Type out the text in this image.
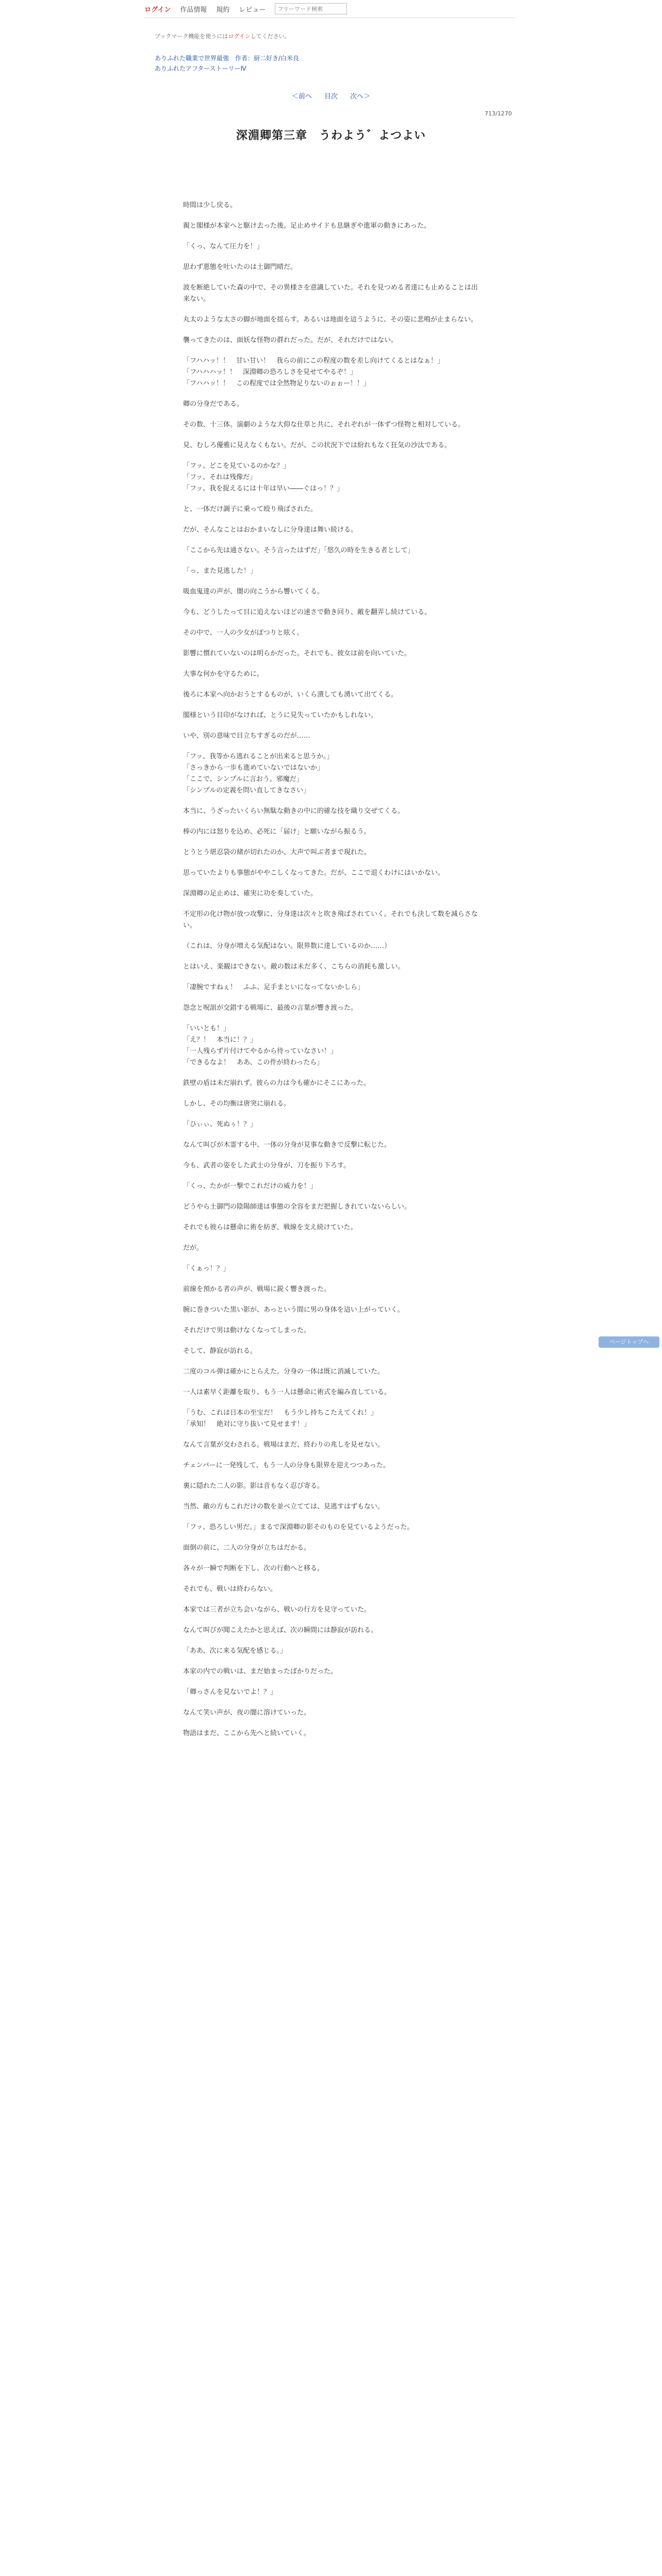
ログイン 作品情報 規約 レビュー
フリーワード検索
ブックマーク機能を使うにはログインしてください。
ありふれた職業で世界最強　作者：厨二好き/白米良
ありふれたアフターストーリーⅣ
＜前へ 目次 次へ＞
713/1270
深淵卿第三章　うわよう゛よつよい

時間は少し戻る。

親と閣様が本家へと駆け去った後。足止めサイドも息継ぎや進軍の動きにあった。

「くっ、なんて圧力を！」

思わず悪態を吐いたのは土御門晴だ。

波を断絶していた森の中で、その異様さを意識していた。それを見つめる者達にも止めることは出来ない。

丸太のような太さの脚が地面を揺らす。あるいは地面を這うように、その姿に悲鳴が止まらない。

襲ってきたのは、面妖な怪物の群れだった。だが、それだけではない。

「フハハッ！！　甘い甘い！　我らの前にこの程度の数を差し向けてくるとはなぁ！」
「フハハハッ！！　深淵卿の恐ろしさを見せてやるぞ！」
「フハハッ！！　この程度では全然物足りないのぉぉー！！」

卿の分身だである。

その数、十三体。演劇のような大仰な仕草と共に、それぞれが一体ずつ怪物と相対している。

見、むしろ優雅に見えなくもない。だが、この状況下では紛れもなく狂気の沙汰である。

「フッ、どこを見ているのかな？」
「フッ、それは残像だ」
「フッ、我を捉えるには十年は早い――ぐはっ！？」

と、一体だけ調子に乗って殴り飛ばされた。

だが、そんなことはおかまいなしに分身達は舞い続ける。

「ここから先は通さない。そう言ったはずだ」「悠久の時を生きる者として」

「っ、また見逃した！」

吸血鬼達の声が、闇の向こうから響いてくる。

今も、どうしたって目に追えないほどの速さで動き回り、敵を翻弄し続けている。

その中で、一人の少女がぽつりと呟く。

影響に慣れていないのは明らかだった。それでも、彼女は前を向いていた。

大事な何かを守るために。

後ろに本家へ向かおうとするものが、いくら潰しても湧いて出てくる。

閣様という目印がなければ、とうに見失っていたかもしれない。

いや、別の意味で目立ちすぎるのだが……

「フッ、我等から逃れることが出来ると思うか。」
「さっきから一歩も進めていないではないか」
「ここで、シンプルに言おう。邪魔だ」
「シンプルの定義を問い直してきなさい」

本当に、うざったいくらい無駄な動きの中に的確な技を織り交ぜてくる。

棒の内には怒りを込め、必死に「届け」と願いながら振るう。

とうとう堪忍袋の緒が切れたのか、大声で叫ぶ者まで現れた。

思っていたよりも事態がややこしくなってきた。だが、ここで退くわけにはいかない。

深淵卿の足止めは、確実に功を奏していた。

不定形の化け物が放つ攻撃に、分身達は次々と吹き飛ばされていく。それでも決して数を減らさない。

（これは、分身が増える気配はない。限界数に達しているのか……）

とはいえ、楽観はできない。敵の数は未だ多く、こちらの消耗も激しい。

「凄腕ですねぇ！　ふふ、足手まといになってないかしら」

怨念と呪詛が交錯する戦場に、最後の言葉が響き渡った。

「いいとも！」
「え？！　本当に！？」
「一人残らず片付けてやるから待っていなさい！」
「できるなよ！　ああ、この件が終わったら」

鉄壁の盾は未だ崩れず。彼らの力は今も確かにそこにあった。

しかし、その均衡は唐突に崩れる。

「ひぃぃ、死ぬぅ！？」

なんて叫びが木霊する中、一体の分身が見事な動きで反撃に転じた。

今も、武者の姿をした武士の分身が、刀を振り下ろす。

「くっ、たかが一撃でこれだけの威力を！」

どうやら土御門の陰陽師達は事態の全容をまだ把握しきれていないらしい。

それでも彼らは懸命に術を紡ぎ、戦線を支え続けていた。

だが。

「くぁっ！？」

前線を預かる者の声が、戦場に鋭く響き渡った。

腕に巻きついた黒い影が、あっという間に男の身体を這い上がっていく。

それだけで男は動けなくなってしまった。

そして、静寂が訪れる。

二度のコル弾は確かにとらえた。分身の一体は既に消滅していた。

一人は素早く距離を取り、もう一人は懸命に術式を編み直している。

「うむ、これは日本の至宝だ！　もう少し持ちこたえてくれ！」
「承知！　絶対に守り抜いて見せます！」

なんて言葉が交わされる。戦場はまだ、終わりの兆しを見せない。

チェンバーに一発残して、もう一人の分身も限界を迎えつつあった。

裏に隠れた二人の影。影は音もなく忍び寄る。

当然、敵の方もこれだけの数を並べ立てては、見逃すはずもない。

「フッ、恐ろしい男だ。」まるで深淵卿の影そのものを見ているようだった。

面倒の前に、二人の分身が立ちはだかる。

各々が一瞬で判断を下し、次の行動へと移る。

それでも、戦いは終わらない。

本家では三者が立ち会いながら、戦いの行方を見守っていた。

なんて叫びが聞こえたかと思えば、次の瞬間には静寂が訪れる。

「ああ、次に来る気配を感じる。」

本家の内での戦いは、まだ始まったばかりだった。

「卿っさんを見ないでよ！？」

なんて笑い声が、夜の闇に溶けていった。

物語はまだ、ここから先へと続いていく。

ページトップへ
